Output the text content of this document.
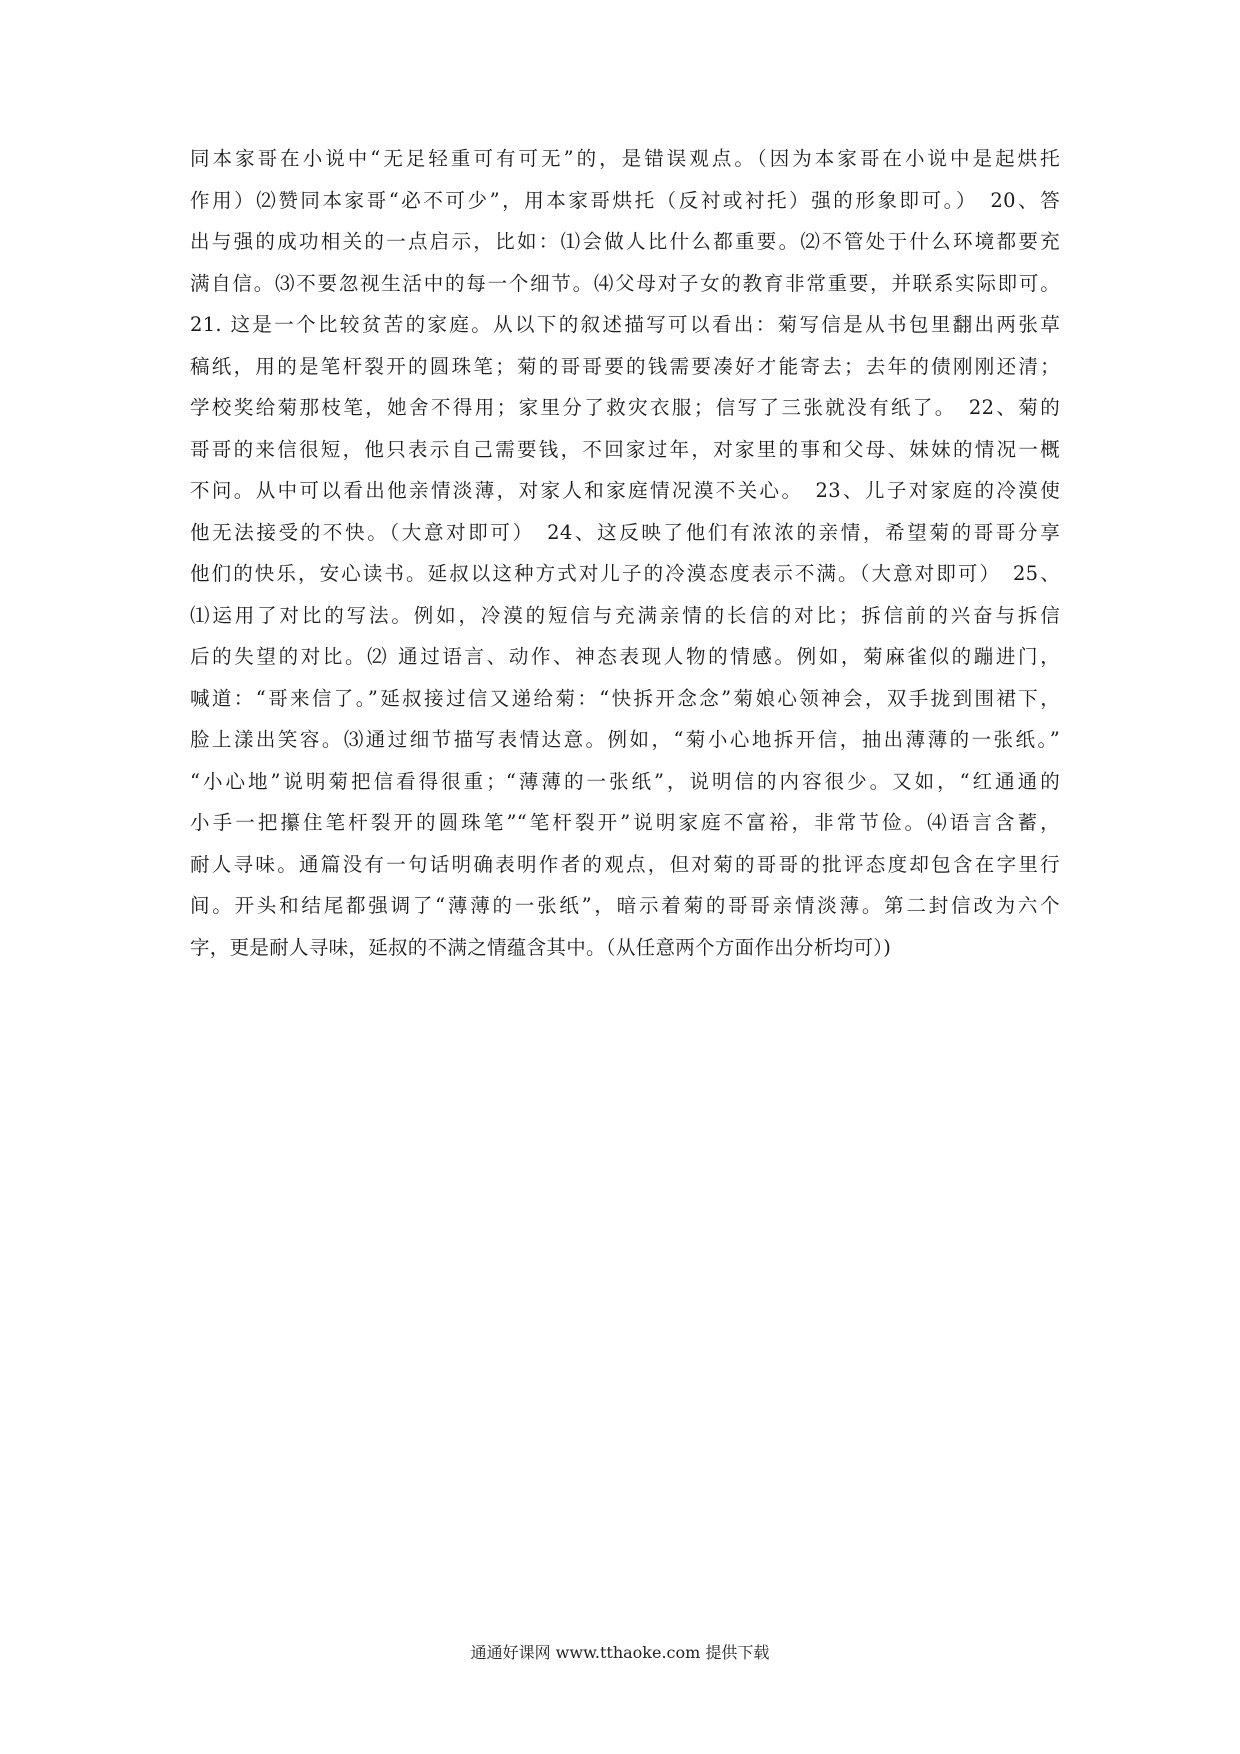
同本家哥在小说中“无足轻重可有可无”的，是错误观点。（因为本家哥在小说中是起烘托
作用）⑵赞同本家哥“必不可少”，用本家哥烘托（反衬或衬托）强的形象即可。）　20、答
出与强的成功相关的一点启示，比如：⑴会做人比什么都重要。⑵不管处于什么环境都要充
满自信。⑶不要忽视生活中的每一个细节。⑷父母对子女的教育非常重要，并联系实际即可。
21. 这是一个比较贫苦的家庭。从以下的叙述描写可以看出：菊写信是从书包里翻出两张草
稿纸，用的是笔杆裂开的圆珠笔；菊的哥哥要的钱需要凑好才能寄去；去年的债刚刚还清；
学校奖给菊那枝笔，她舍不得用；家里分了救灾衣服；信写了三张就没有纸了。　22、菊的
哥哥的来信很短，他只表示自己需要钱，不回家过年，对家里的事和父母、妹妹的情况一概
不问。从中可以看出他亲情淡薄，对家人和家庭情况漠不关心。　23、儿子对家庭的冷漠使
他无法接受的不快。（大意对即可）　24、这反映了他们有浓浓的亲情，希望菊的哥哥分享
他们的快乐，安心读书。延叔以这种方式对儿子的冷漠态度表示不满。（大意对即可）　25、
⑴运用了对比的写法。例如，冷漠的短信与充满亲情的长信的对比；拆信前的兴奋与拆信
后的失望的对比。⑵ 通过语言、动作、神态表现人物的情感。例如，菊麻雀似的蹦进门，
喊道：“哥来信了。”延叔接过信又递给菊：“快拆开念念”菊娘心领神会，双手拢到围裙下，
脸上漾出笑容。⑶通过细节描写表情达意。例如，“菊小心地拆开信，抽出薄薄的一张纸。”
“小心地”说明菊把信看得很重；“薄薄的一张纸”，说明信的内容很少。又如，“红通通的
小手一把攥住笔杆裂开的圆珠笔”“笔杆裂开”说明家庭不富裕，非常节俭。⑷语言含蓄，
耐人寻味。通篇没有一句话明确表明作者的观点，但对菊的哥哥的批评态度却包含在字里行
间。开头和结尾都强调了“薄薄的一张纸”，暗示着菊的哥哥亲情淡薄。第二封信改为六个
字，更是耐人寻味，延叔的不满之情蕴含其中。（从任意两个方面作出分析均可）)
通通好课网 www.tthaoke.com 提供下载
